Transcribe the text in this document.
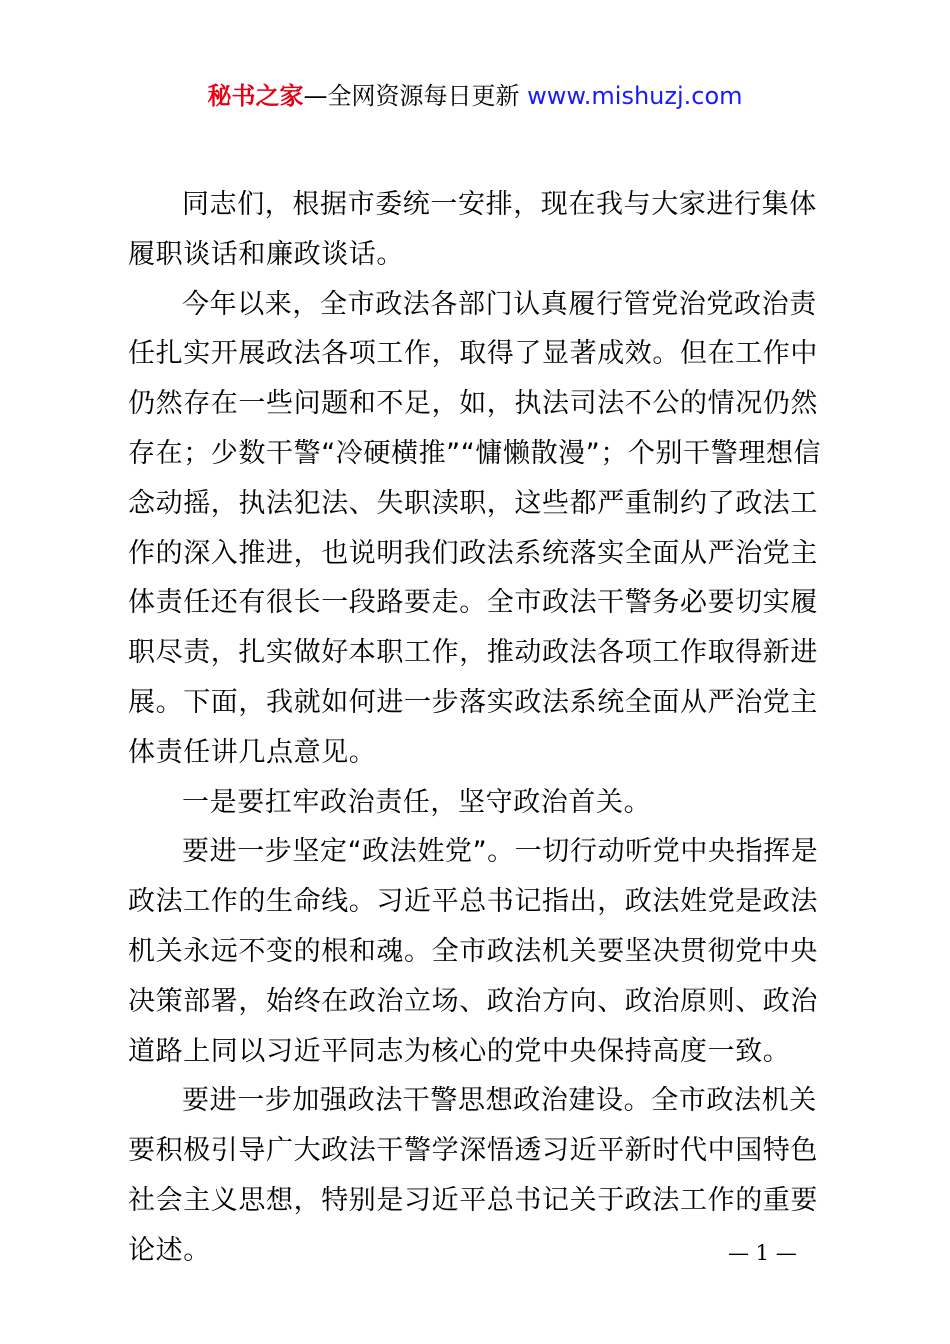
秘书之家—全网资源每日更新 www.mishuzj.com

同志们，根据市委统一安排，现在我与大家进行集体履职谈话和廉政谈话。

今年以来，全市政法各部门认真履行管党治党政治责任扎实开展政法各项工作，取得了显著成效。但在工作中仍然存在一些问题和不足，如，执法司法不公的情况仍然存在；少数干警“冷硬横推”“慵懒散漫”；个别干警理想信念动摇，执法犯法、失职渎职，这些都严重制约了政法工作的深入推进，也说明我们政法系统落实全面从严治党主体责任还有很长一段路要走。全市政法干警务必要切实履职尽责，扎实做好本职工作，推动政法各项工作取得新进展。下面，我就如何进一步落实政法系统全面从严治党主体责任讲几点意见。

一是要扛牢政治责任，坚守政治首关。

要进一步坚定“政法姓党”。一切行动听党中央指挥是政法工作的生命线。习近平总书记指出，政法姓党是政法机关永远不变的根和魂。全市政法机关要坚决贯彻党中央决策部署，始终在政治立场、政治方向、政治原则、政治道路上同以习近平同志为核心的党中央保持高度一致。

要进一步加强政法干警思想政治建设。全市政法机关要积极引导广大政法干警学深悟透习近平新时代中国特色社会主义思想，特别是习近平总书记关于政法工作的重要论述。	— 1 —
